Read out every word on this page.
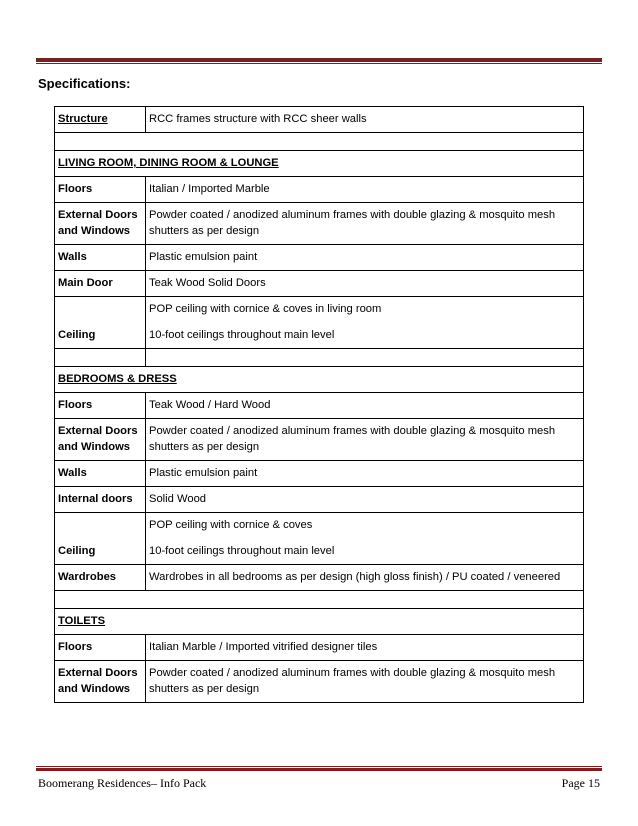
Specifications:
Structure	RCC frames structure with RCC sheer walls

LIVING ROOM, DINING ROOM & LOUNGE	
Floors	Italian / Imported Marble
External Doors and Windows	Powder coated / anodized aluminum frames with double glazing & mosquito mesh shutters as per design
Walls	Plastic emulsion paint
Main Door	Teak Wood Solid Doors
Ceiling	POP ceiling with cornice & coves in living room
10-foot ceilings throughout main level

BEDROOMS & DRESS	
Floors	Teak Wood / Hard Wood
External Doors and Windows	Powder coated / anodized aluminum frames with double glazing & mosquito mesh shutters as per design
Walls	Plastic emulsion paint
Internal doors	Solid Wood
Ceiling	POP ceiling with cornice & coves
10-foot ceilings throughout main level

Wardrobes	Wardrobes in all bedrooms as per design (high gloss finish) / PU coated / veneered

TOILETS	
Floors	Italian Marble / Imported vitrified designer tiles
External Doors and Windows	Powder coated / anodized aluminum frames with double glazing & mosquito mesh shutters as per design
Boomerang Residences– Info Pack	Page 15
